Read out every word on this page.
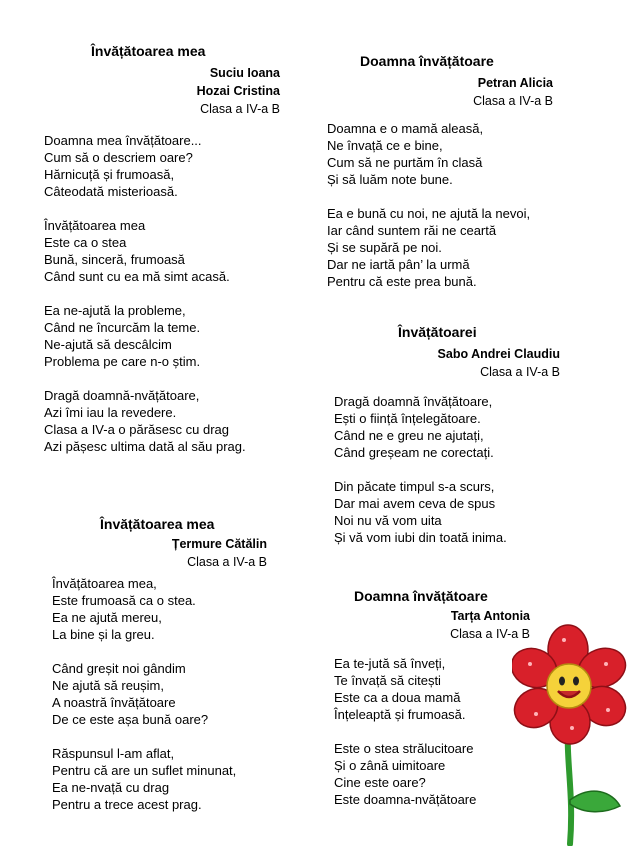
Învățătoarea mea
Suciu Ioana
Hozai Cristina
Clasa a IV-a B
Doamna mea învățătoare...
Cum să o descriem oare?
Hărnicuță și frumoasă,
Câteodată misterioasă.
Învățătoarea mea
Este ca o stea
Bună, sinceră, frumoasă
Când sunt cu ea mă simt acasă.
Ea ne-ajută la probleme,
Când ne încurcăm la teme.
Ne-ajută să descâlcim
Problema pe care n-o știm.
Dragă doamnă-nvățătoare,
Azi îmi iau la revedere.
Clasa a IV-a o părăsesc cu drag
Azi pășesc ultima dată al său prag.
Doamna învățătoare
Petran Alicia
Clasa a IV-a B
Doamna e o mamă aleasă,
Ne învață ce e bine,
Cum să ne purtăm în clasă
Și să luăm note bune.
Ea e bună cu noi, ne ajută la nevoi,
Iar când suntem răi ne ceartă
Și se supără pe noi.
Dar ne iartă pân’ la urmă
Pentru că este prea bună.
Învățătoarei
Sabo Andrei Claudiu
Clasa a IV-a B
Dragă doamnă învățătoare,
Ești o ființă înțelegătoare.
Când ne e greu ne ajutați,
Când greșeam ne corectați.
Din păcate timpul s-a scurs,
Dar mai avem ceva de spus
Noi nu vă vom uita
Și vă vom iubi din toată inima.
Învățătoarea mea
Țermure Cătălin
Clasa a IV-a B
Învățătoarea mea,
Este frumoasă ca o stea.
Ea ne ajută mereu,
La bine și la greu.
Când greșit noi gândim
Ne ajută să reușim,
A noastră învățătoare
De ce este așa bună oare?
Răspunsul l-am aflat,
Pentru că are un suflet minunat,
Ea ne-nvață cu drag
Pentru a trece acest prag.
Doamna învățătoare
Tarța Antonia
Clasa a IV-a B
Ea te-jută să înveți,
Te învață să citești
Este ca a doua mamă
Înțeleaptă și frumoasă.
Este o stea strălucitoare
Și o zână uimitoare
Cine este oare?
Este doamna-nvățătoare
